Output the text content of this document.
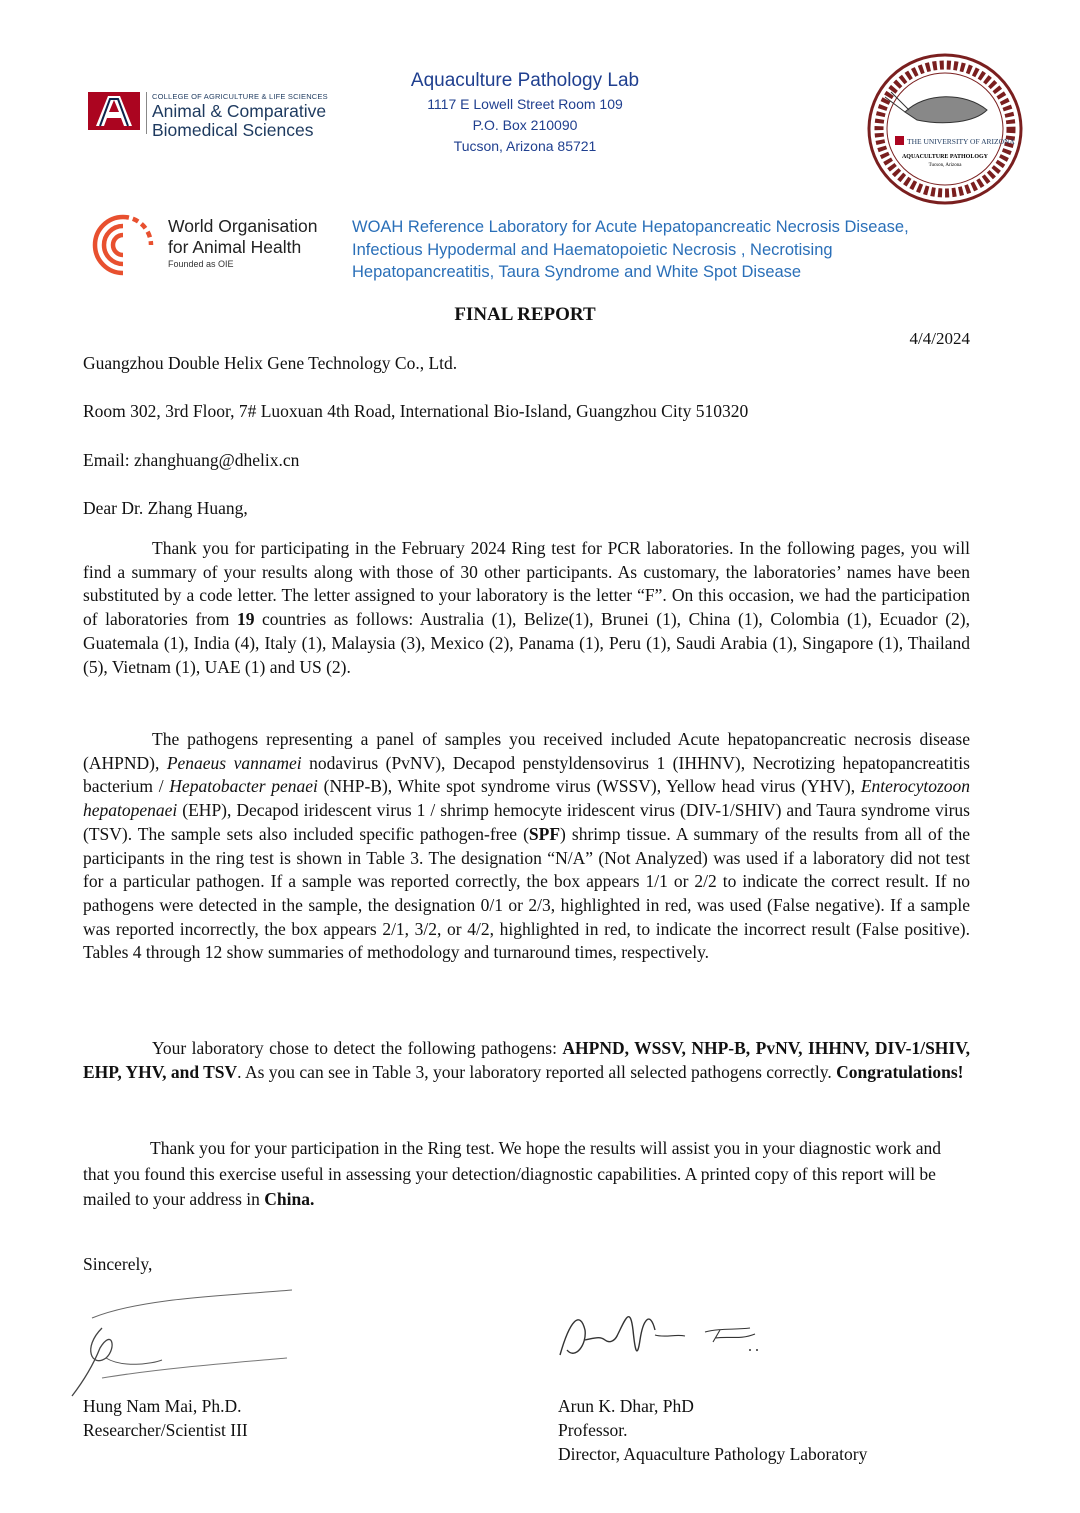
COLLEGE OF AGRICULTURE & LIFE SCIENCES
Animal & Comparative
Biomedical Sciences
Aquaculture Pathology Lab
1117 E Lowell Street Room 109
P.O. Box 210090
Tucson, Arizona 85721	THE UNIVERSITY OF ARIZONA
AQUACULTURE PATHOLOGY
Tucson, Arizona
World Organisation
for Animal Health
Founded as OIE
WOAH Reference Laboratory for Acute Hepatopancreatic Necrosis Disease,
Infectious Hypodermal and Haematopoietic Necrosis , Necrotising
Hepatopancreatitis, Taura Syndrome and White Spot Disease
FINAL REPORT
4/4/2024
Guangzhou Double Helix Gene Technology Co., Ltd.
Room 302, 3rd Floor, 7# Luoxuan 4th Road, International Bio-Island, Guangzhou City 510320
Email: zhanghuang@dhelix.cn
Dear Dr. Zhang Huang,

Thank you for participating in the February 2024 Ring test for PCR laboratories. In the following pages, you will find a summary of your results along with those of 30 other participants. As customary, the laboratories’ names have been substituted by a code letter. The letter assigned to your laboratory is the letter “F”. On this occasion, we had the participation of laboratories from 19 countries as follows: Australia (1), Belize(1), Brunei (1), China (1), Colombia (1), Ecuador (2), Guatemala (1), India (4), Italy (1), Malaysia (3), Mexico (2), Panama (1), Peru (1), Saudi Arabia (1), Singapore (1), Thailand (5), Vietnam (1), UAE (1) and US (2).

The pathogens representing a panel of samples you received included Acute hepatopancreatic necrosis disease (AHPND), Penaeus vannamei nodavirus (PvNV), Decapod penstyldensovirus 1 (IHHNV), Necrotizing hepatopancreatitis bacterium / Hepatobacter penaei (NHP-B), White spot syndrome virus (WSSV), Yellow head virus (YHV), Enterocytozoon hepatopenaei (EHP), Decapod iridescent virus 1 / shrimp hemocyte iridescent virus (DIV-1/SHIV) and Taura syndrome virus (TSV). The sample sets also included specific pathogen-free (SPF) shrimp tissue. A summary of the results from all of the participants in the ring test is shown in Table 3. The designation “N/A” (Not Analyzed) was used if a laboratory did not test for a particular pathogen. If a sample was reported correctly, the box appears 1/1 or 2/2 to indicate the correct result. If no pathogens were detected in the sample, the designation 0/1 or 2/3, highlighted in red, was used (False negative). If a sample was reported incorrectly, the box appears 2/1, 3/2, or 4/2, highlighted in red, to indicate the incorrect result (False positive). Tables 4 through 12 show summaries of methodology and turnaround times, respectively.

Your laboratory chose to detect the following pathogens: AHPND, WSSV, NHP-B, PvNV, IHHNV, DIV-1/SHIV, EHP, YHV, and TSV. As you can see in Table 3, your laboratory reported all selected pathogens correctly. Congratulations!

Thank you for your participation in the Ring test. We hope the results will assist you in your diagnostic work and that you found this exercise useful in assessing your detection/diagnostic capabilities. A printed copy of this report will be mailed to your address in China.

Sincerely,
Hung Nam Mai, Ph.D.
Researcher/Scientist III
Arun K. Dhar, PhD
Professor.
Director, Aquaculture Pathology Laboratory
